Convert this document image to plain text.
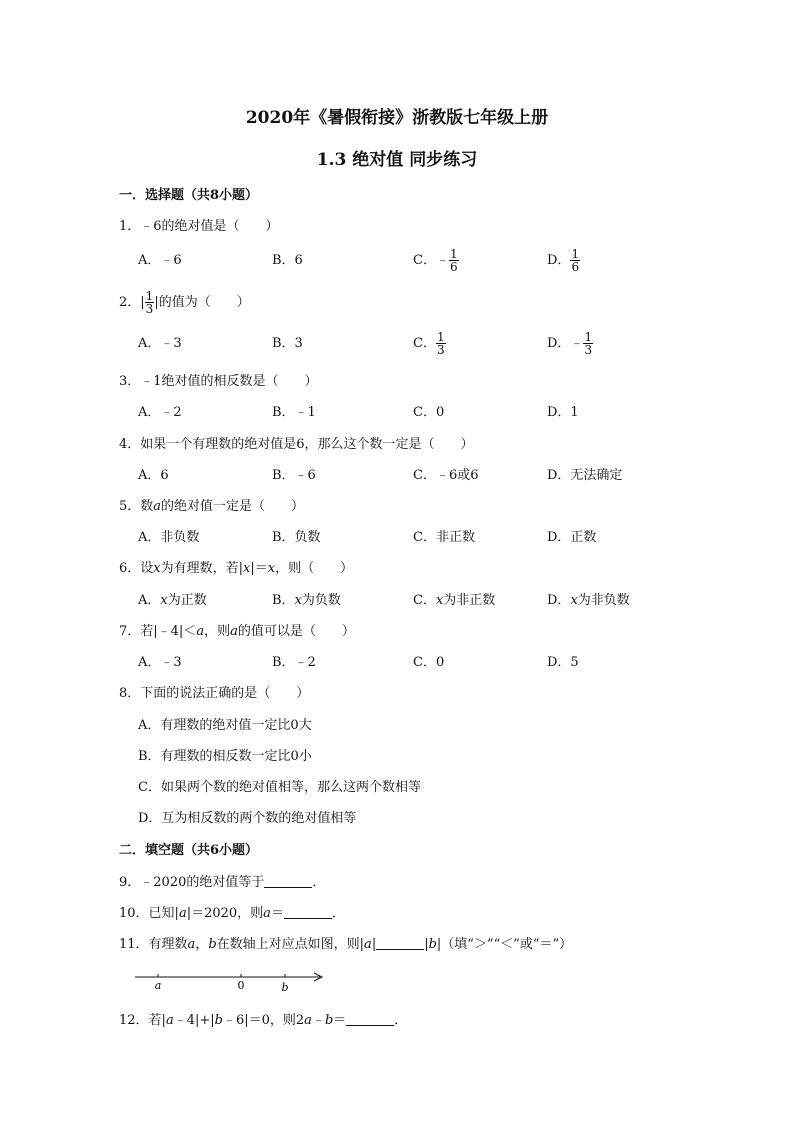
2020年《暑假衔接》浙教版七年级上册
1.3 绝对值 同步练习
一．选择题（共8小题）
1．﹣6的绝对值是（　　）
A．﹣6	B．6	C．﹣ $\frac{1}{6}$	D． $\frac{1}{6}$
2．| $\frac{1}{3}$ |的值为（　　）
A．﹣3	B．3	C． $\frac{1}{3}$	D．﹣ $\frac{1}{3}$
3．﹣1绝对值的相反数是（　　）
A．﹣2	B．﹣1	C．0	D．1
4．如果一个有理数的绝对值是6，那么这个数一定是（　　）
A．6	B．﹣6	C．﹣6或6	D．无法确定
5．数a的绝对值一定是（　　）
A．非负数	B．负数	C．非正数	D．正数
6．设x为有理数，若|x|＝x，则（　　）
A．x为正数	B．x为负数	C．x为非正数	D．x为非负数
7．若|﹣4|＜a，则a的值可以是（　　）
A．﹣3	B．﹣2	C．0	D．5
8．下面的说法正确的是（　　）
A．有理数的绝对值一定比0大
B．有理数的相反数一定比0小
C．如果两个数的绝对值相等，那么这两个数相等
D．互为相反数的两个数的绝对值相等
二．填空题（共6小题）
9．﹣2020的绝对值等于	．
10．已知|a|＝2020，则a＝	．
11．有理数a，b在数轴上对应点如图，则|a|	|b|（填“＞”“＜”或“＝”）
a	0	b
12．若|a﹣4|+|b﹣6|＝0，则2a﹣b＝	．
